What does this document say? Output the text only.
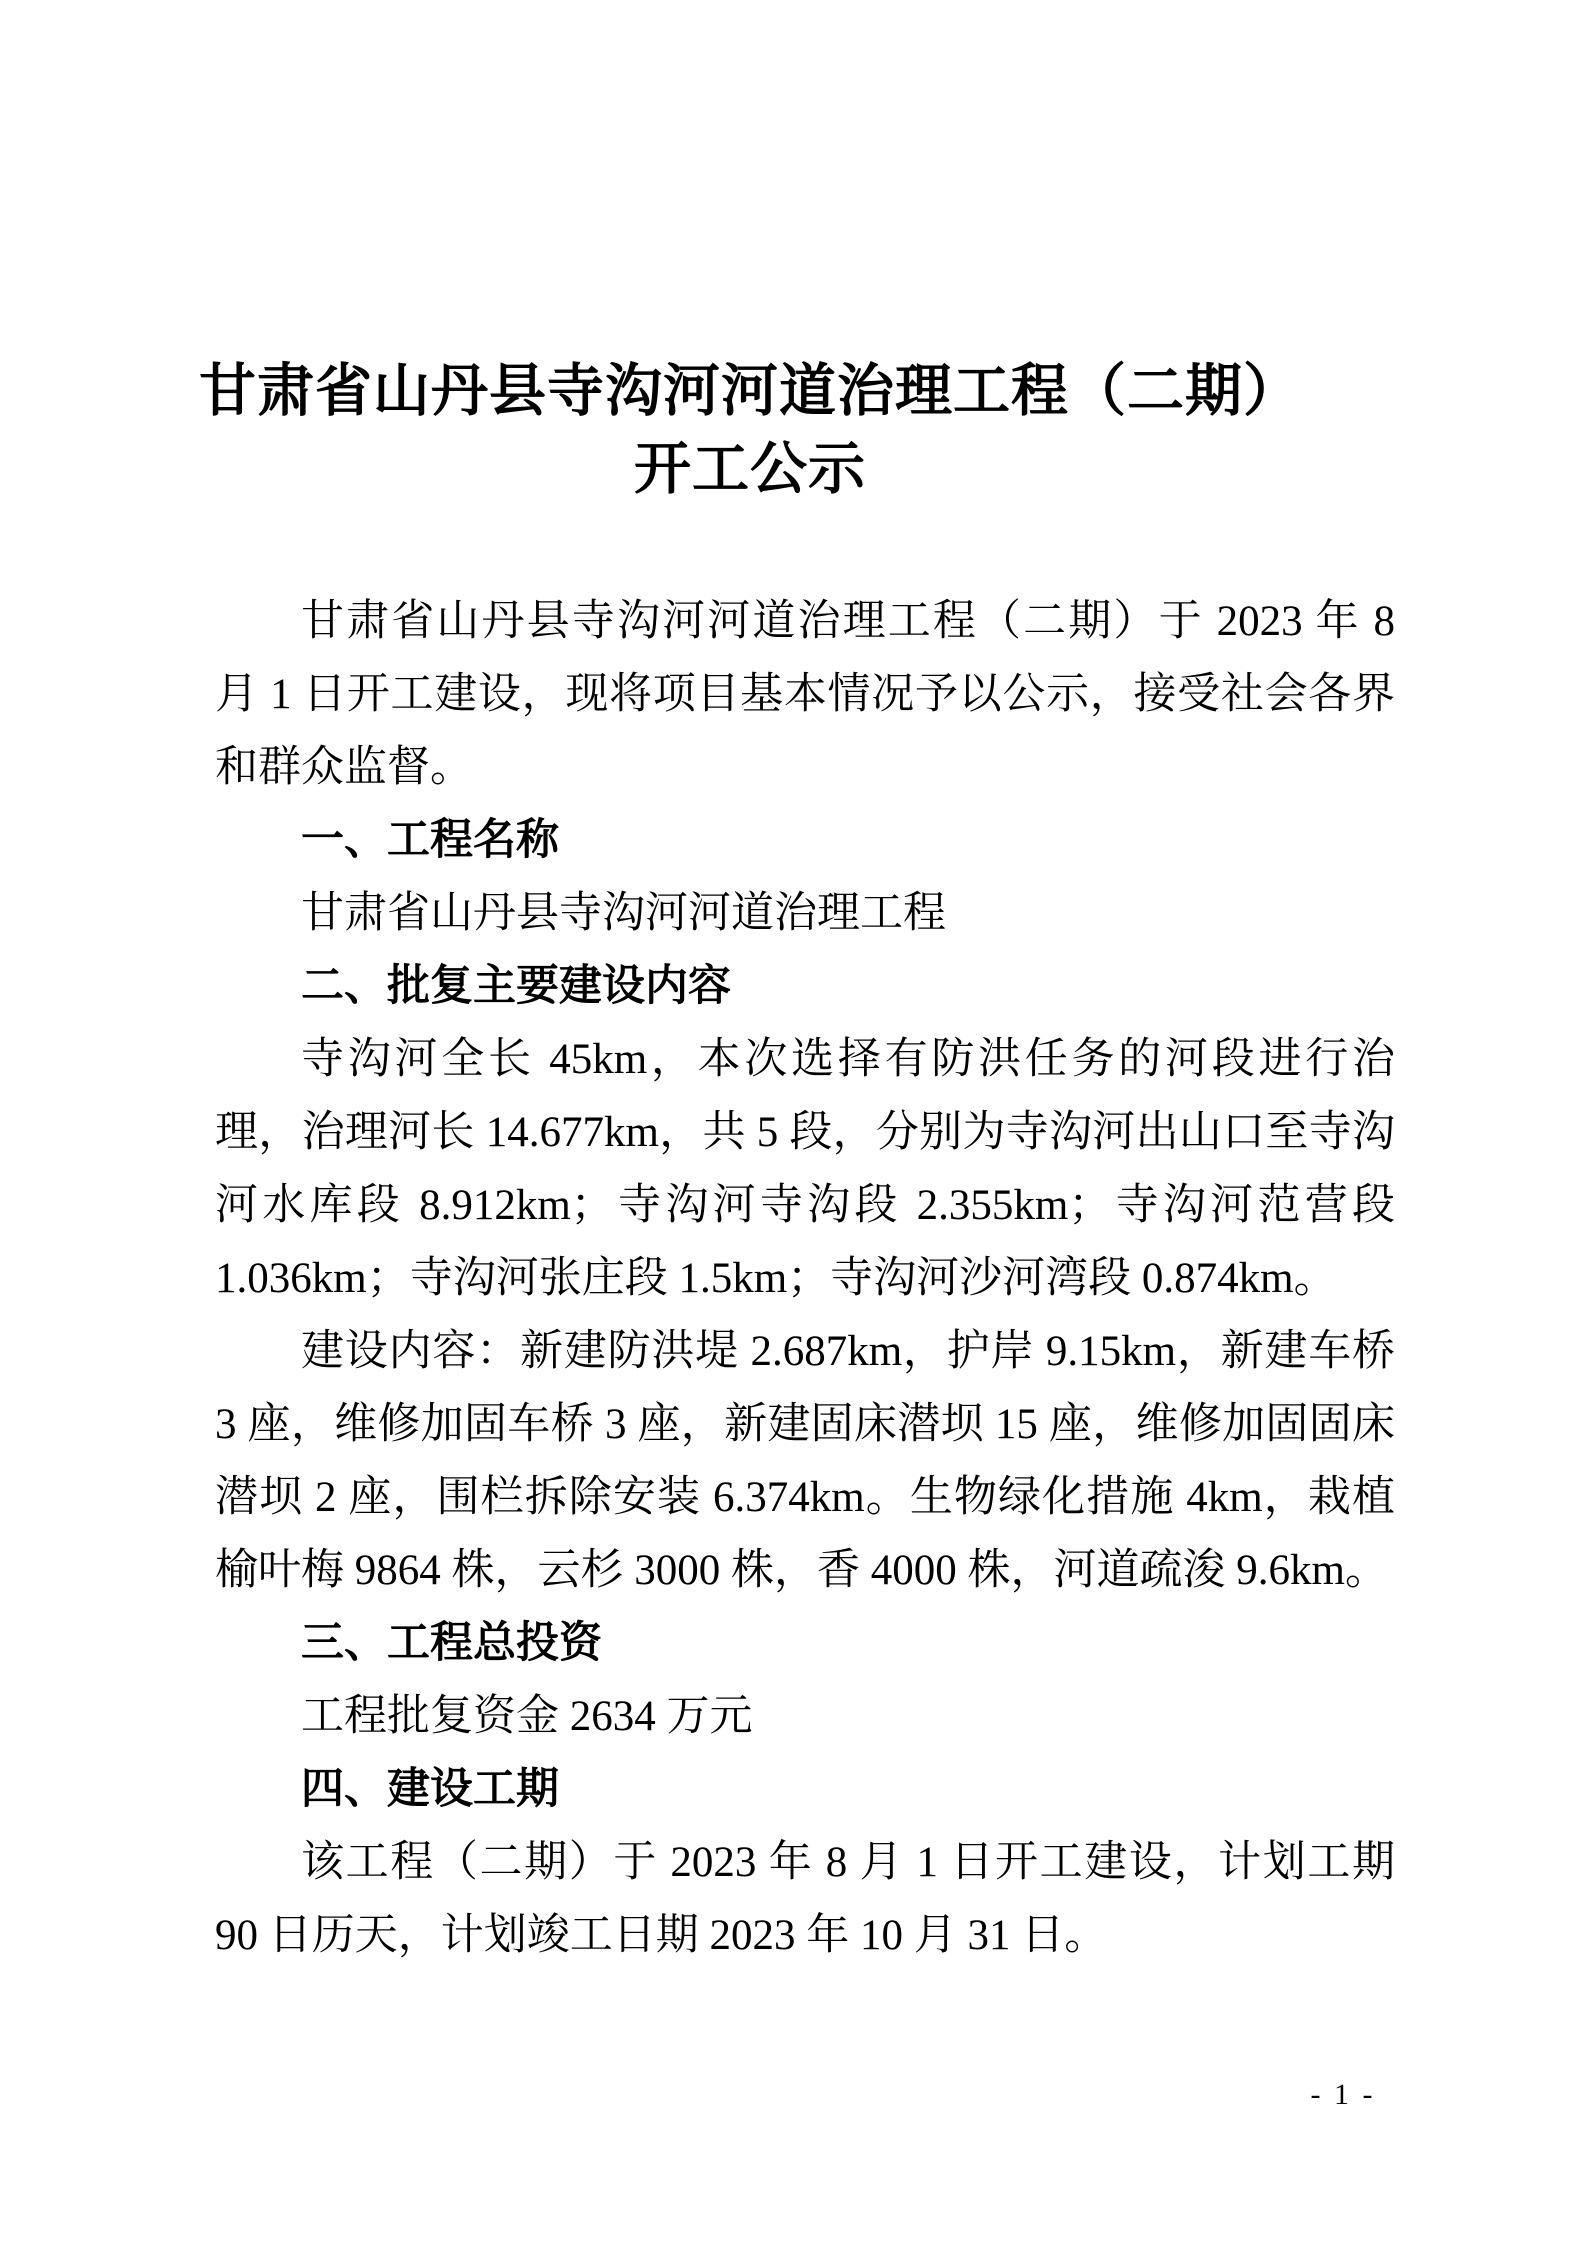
甘肃省山丹县寺沟河河道治理工程（二期）
开工公示

甘肃省山丹县寺沟河河道治理工程（二期）于 2023 年 8 月 1 日开工建设，现将项目基本情况予以公示，接受社会各界和群众监督。

一、工程名称

甘肃省山丹县寺沟河河道治理工程

二、批复主要建设内容

寺沟河全长 45km，本次选择有防洪任务的河段进行治理，治理河长 14.677km，共 5 段，分别为寺沟河出山口至寺沟河水库段 8.912km；寺沟河寺沟段 2.355km；寺沟河范营段 1.036km；寺沟河张庄段 1.5km；寺沟河沙河湾段 0.874km。

建设内容：新建防洪堤 2.687km，护岸 9.15km，新建车桥 3 座，维修加固车桥 3 座，新建固床潜坝 15 座，维修加固固床潜坝 2 座，围栏拆除安装 6.374km。生物绿化措施 4km，栽植榆叶梅 9864 株，云杉 3000 株，香 4000 株，河道疏浚 9.6km。

三、工程总投资

工程批复资金 2634 万元

四、建设工期

该工程（二期）于 2023 年 8 月 1 日开工建设，计划工期 90 日历天，计划竣工日期 2023 年 10 月 31 日。

- 1 -
